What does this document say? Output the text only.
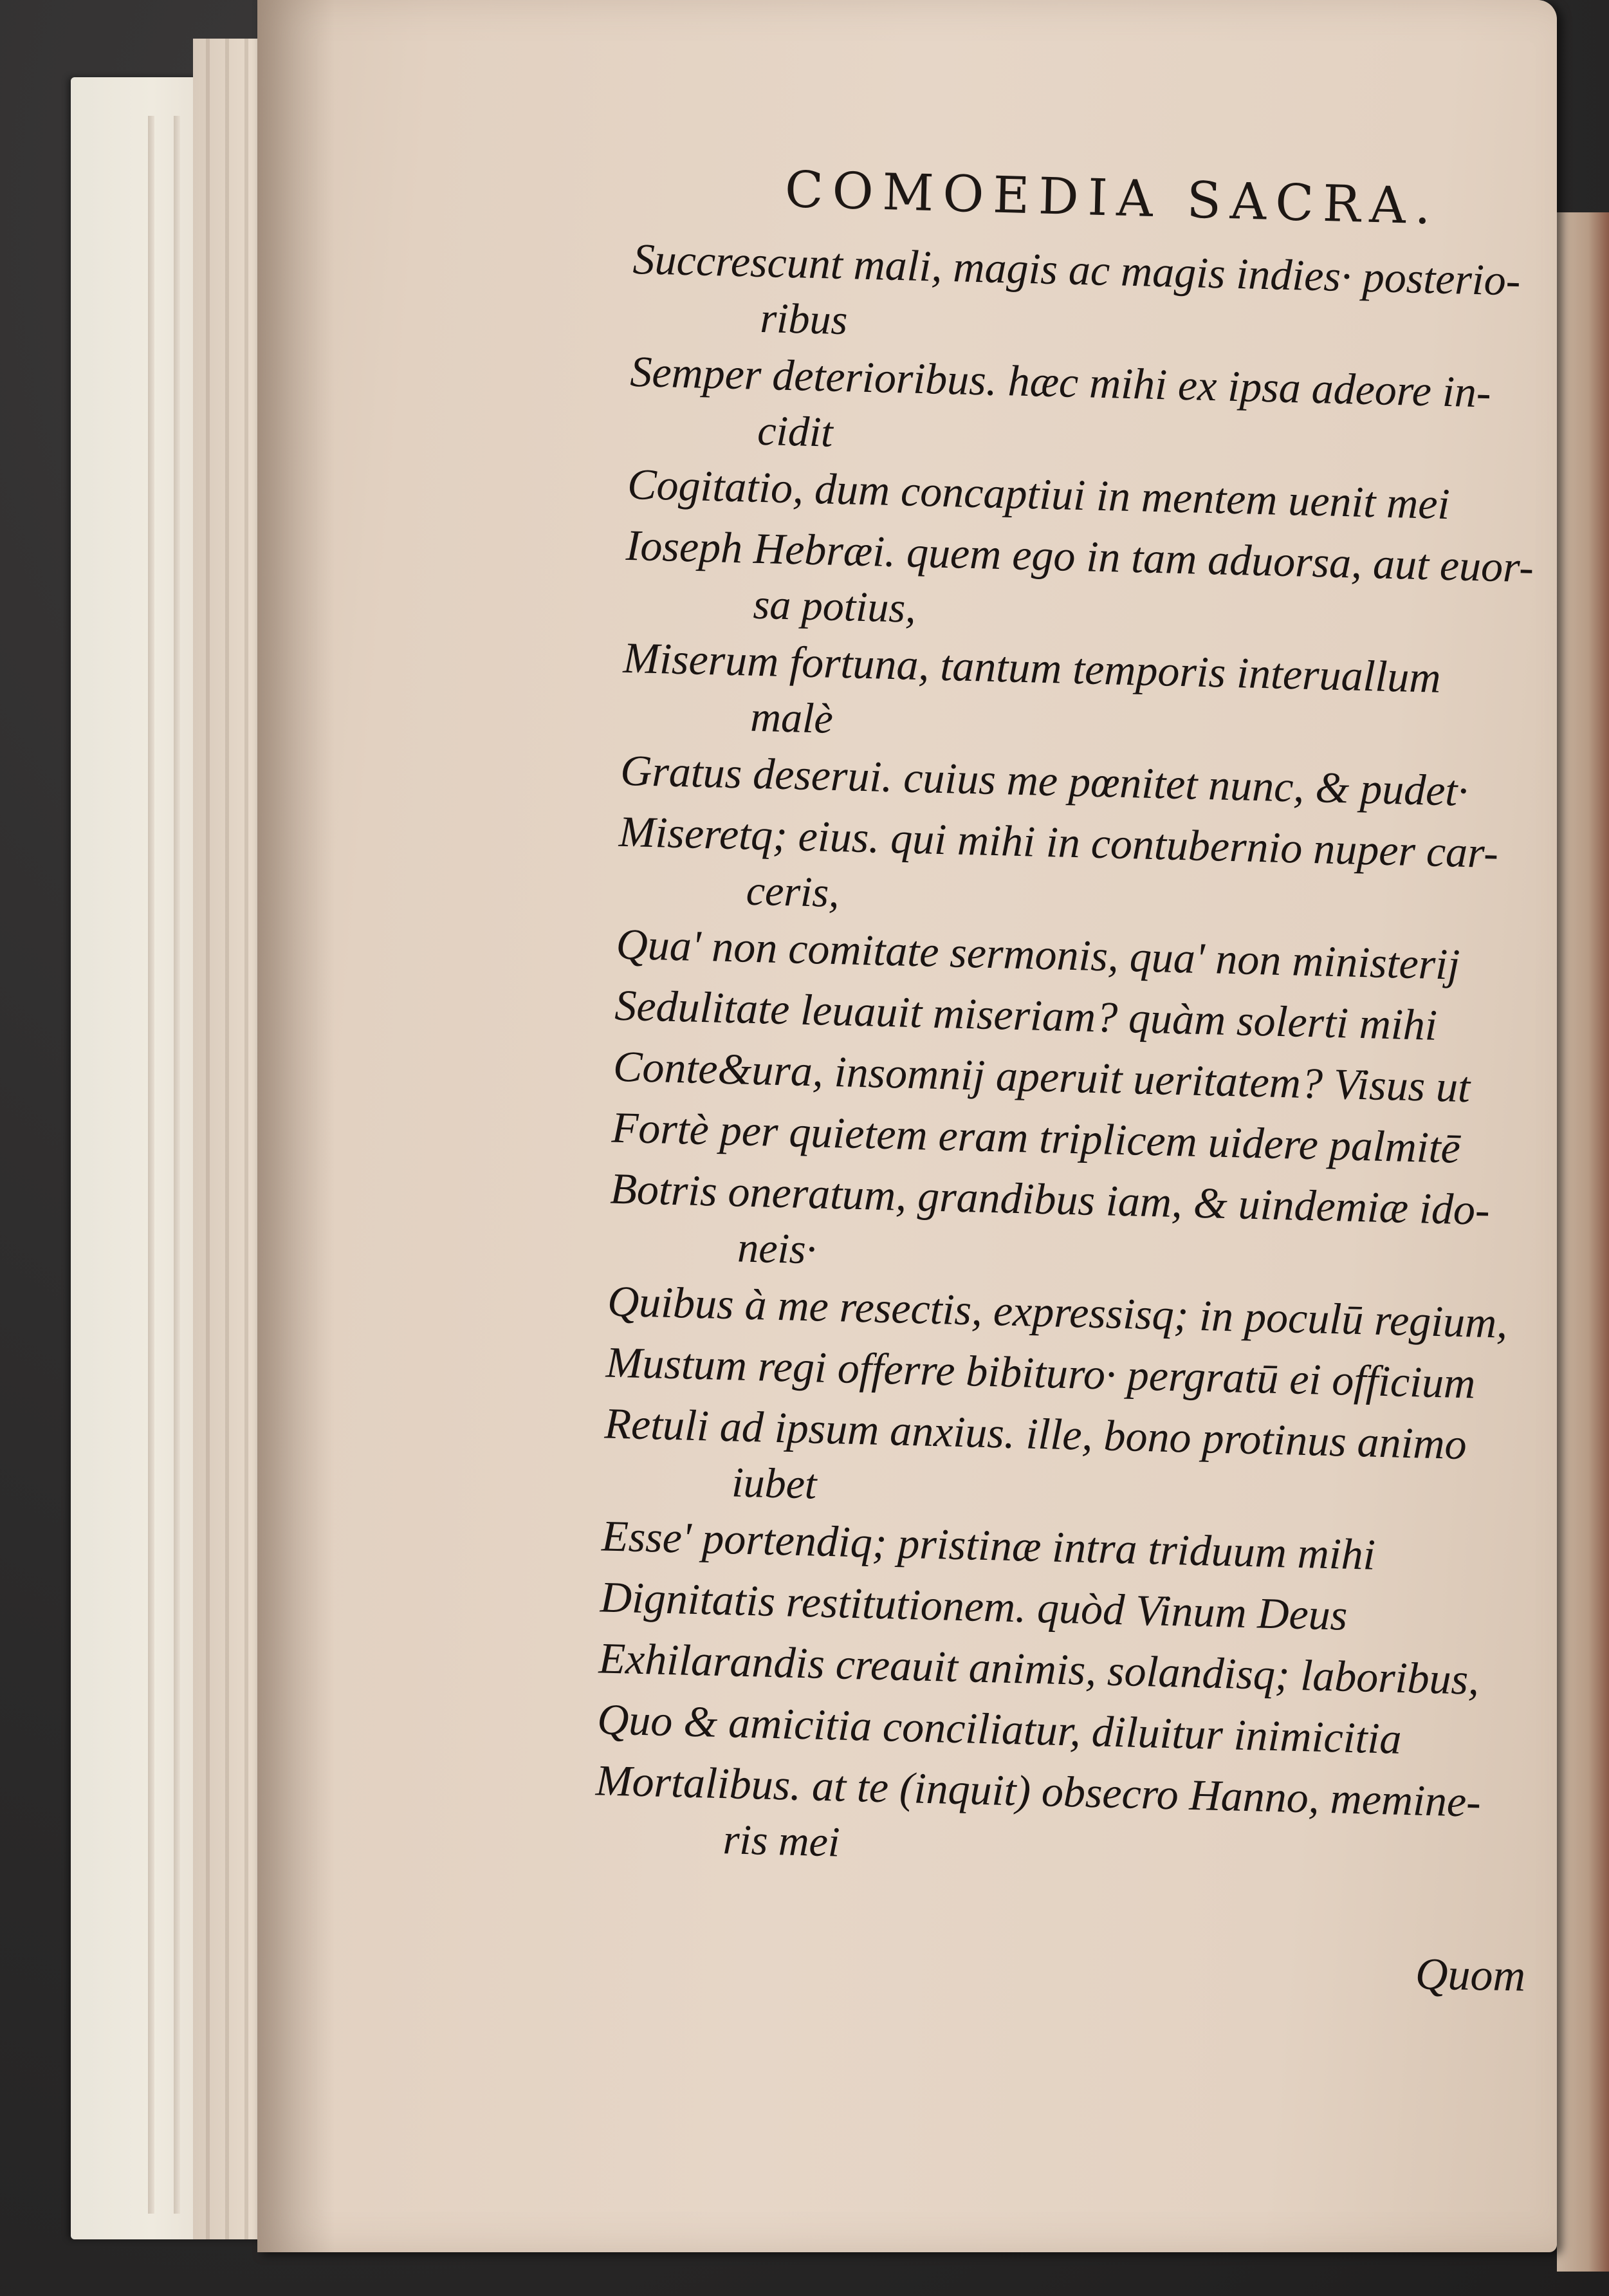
COMOEDIA SACRA.
Succrescunt mali, magis ac magis indies· posterio-
ribus
Semper deterioribus. hæc mihi ex ipsa adeore in-
cidit
Cogitatio, dum concaptiui in mentem uenit mei
Ioseph Hebræi. quem ego in tam aduorsa, aut euor-
sa potius,
Miserum fortuna, tantum temporis interuallum
malè
Gratus deserui. cuius me pœnitet nunc, & pudet·
Miseretq; eius. qui mihi in contubernio nuper car-
ceris,
Qua' non comitate sermonis, qua' non ministerij
Sedulitate leuauit miseriam? quàm solerti mihi
Conte&ura, insomnij aperuit ueritatem? Visus ut
Fortè per quietem eram triplicem uidere palmitē
Botris oneratum, grandibus iam, & uindemiæ ido-
neis·
Quibus à me resectis, expressisq; in poculū regium,
Mustum regi offerre bibituro· pergratū ei officium
Retuli ad ipsum anxius. ille, bono protinus animo
iubet
Esse' portendiq; pristinæ intra triduum mihi
Dignitatis restitutionem. quòd Vinum Deus
Exhilarandis creauit animis, solandisq; laboribus,
Quo & amicitia conciliatur, diluitur inimicitia
Mortalibus. at te (inquit) obsecro Hanno, memine-
ris mei
Quom
